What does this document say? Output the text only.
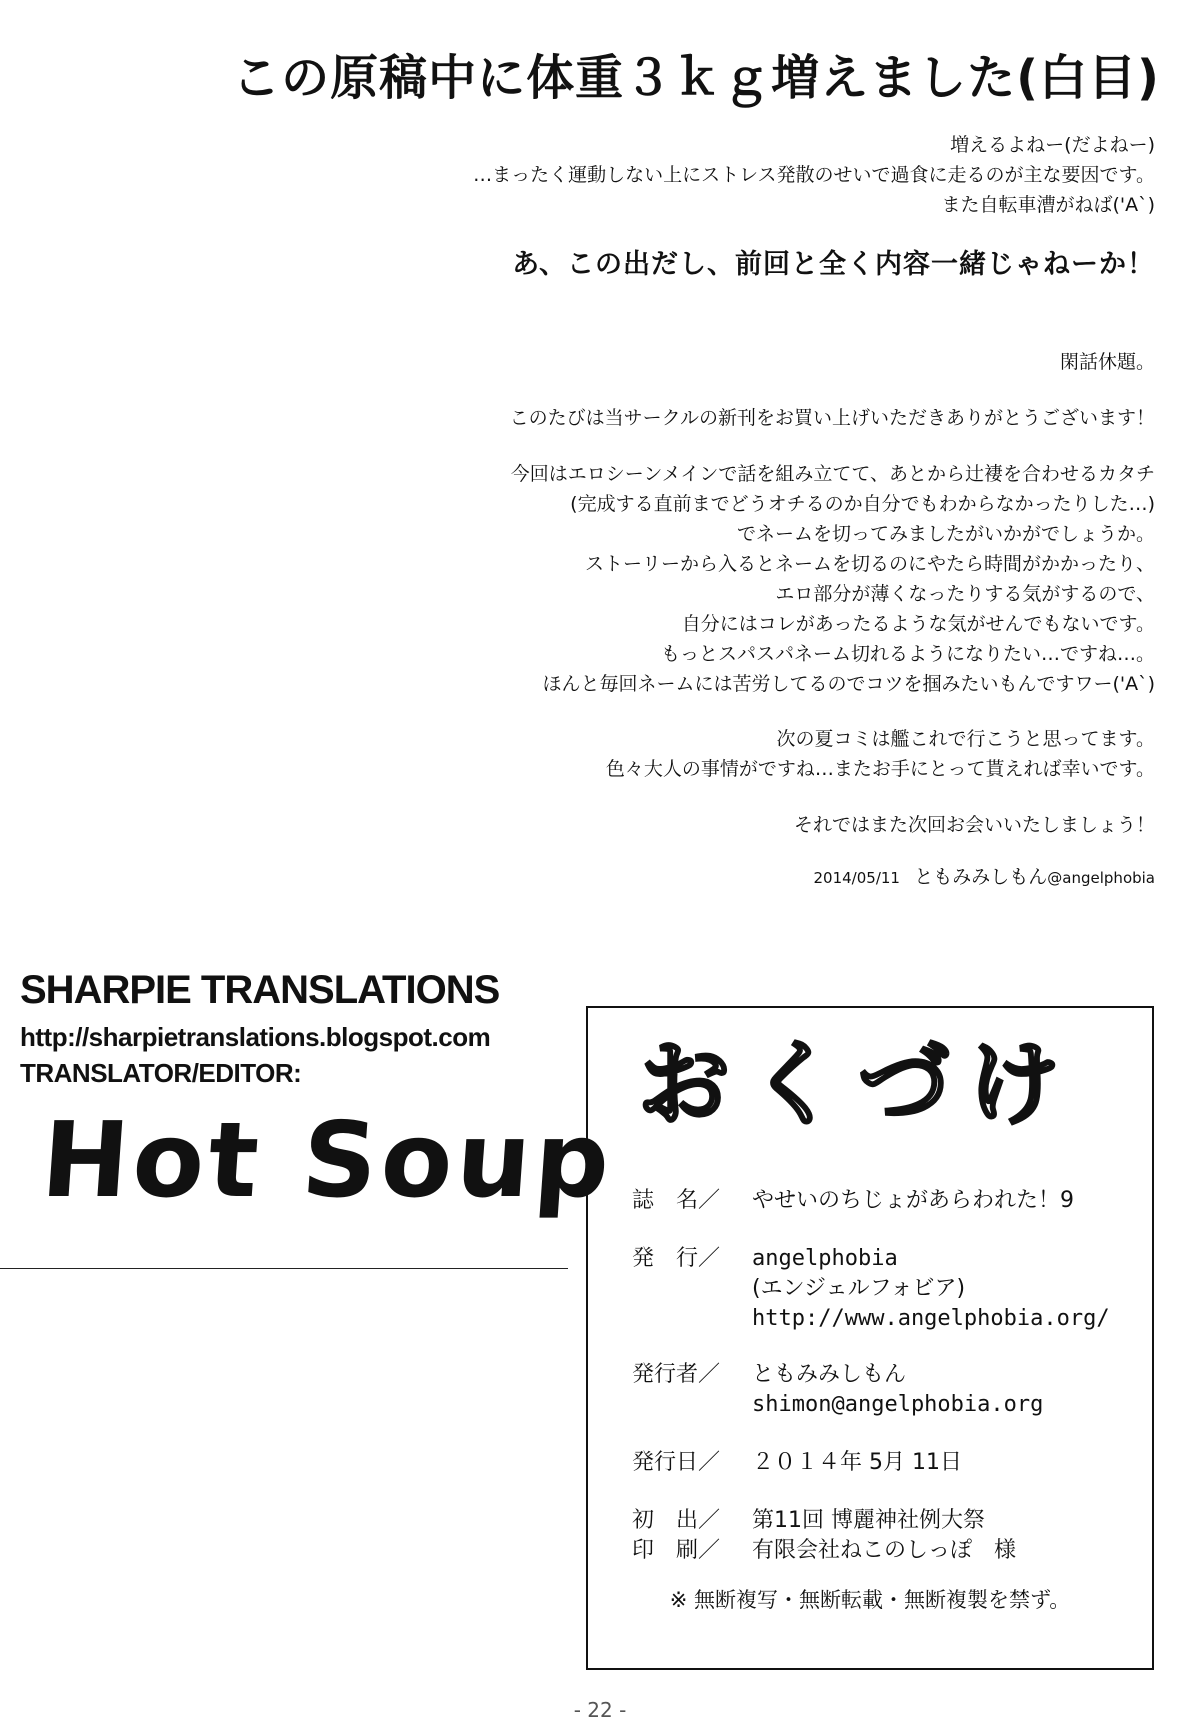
この原稿中に体重３ｋｇ増えました(白目)
増えるよねー(だよねー)
…まったく運動しない上にストレス発散のせいで過食に走るのが主な要因です。
また自転車漕がねば('A`)
あ、この出だし、前回と全く内容一緒じゃねーか！
閑話休題。
このたびは当サークルの新刊をお買い上げいただきありがとうございます！
今回はエロシーンメインで話を組み立てて、あとから辻褄を合わせるカタチ
(完成する直前までどうオチるのか自分でもわからなかったりした…)
でネームを切ってみましたがいかがでしょうか。
ストーリーから入るとネームを切るのにやたら時間がかかったり、
エロ部分が薄くなったりする気がするので、
自分にはコレがあったるような気がせんでもないです。
もっとスパスパネーム切れるようになりたい…ですね…。
ほんと毎回ネームには苦労してるのでコツを掴みたいもんですワー('A`)
次の夏コミは艦これで行こうと思ってます。
色々大人の事情がですね…またお手にとって貰えれば幸いです。
それではまた次回お会いいたしましょう！
2014/05/11 ともみみしもん@angelphobia
SHARPIE TRANSLATIONS
http://sharpietranslations.blogspot.com
TRANSLATOR/EDITOR:
Hot Soup
おくづけ
誌　名／ やせいのちじょがあらわれた！9
発　行／ angelphobia
(エンジェルフォビア)
http://www.angelphobia.org/
発行者／ ともみみしもん
shimon@angelphobia.org
発行日／ ２０１４年 5月 11日
初　出／ 第11回 博麗神社例大祭
印　刷／ 有限会社ねこのしっぽ　様
※ 無断複写・無断転載・無断複製を禁ず。
- 22 -
